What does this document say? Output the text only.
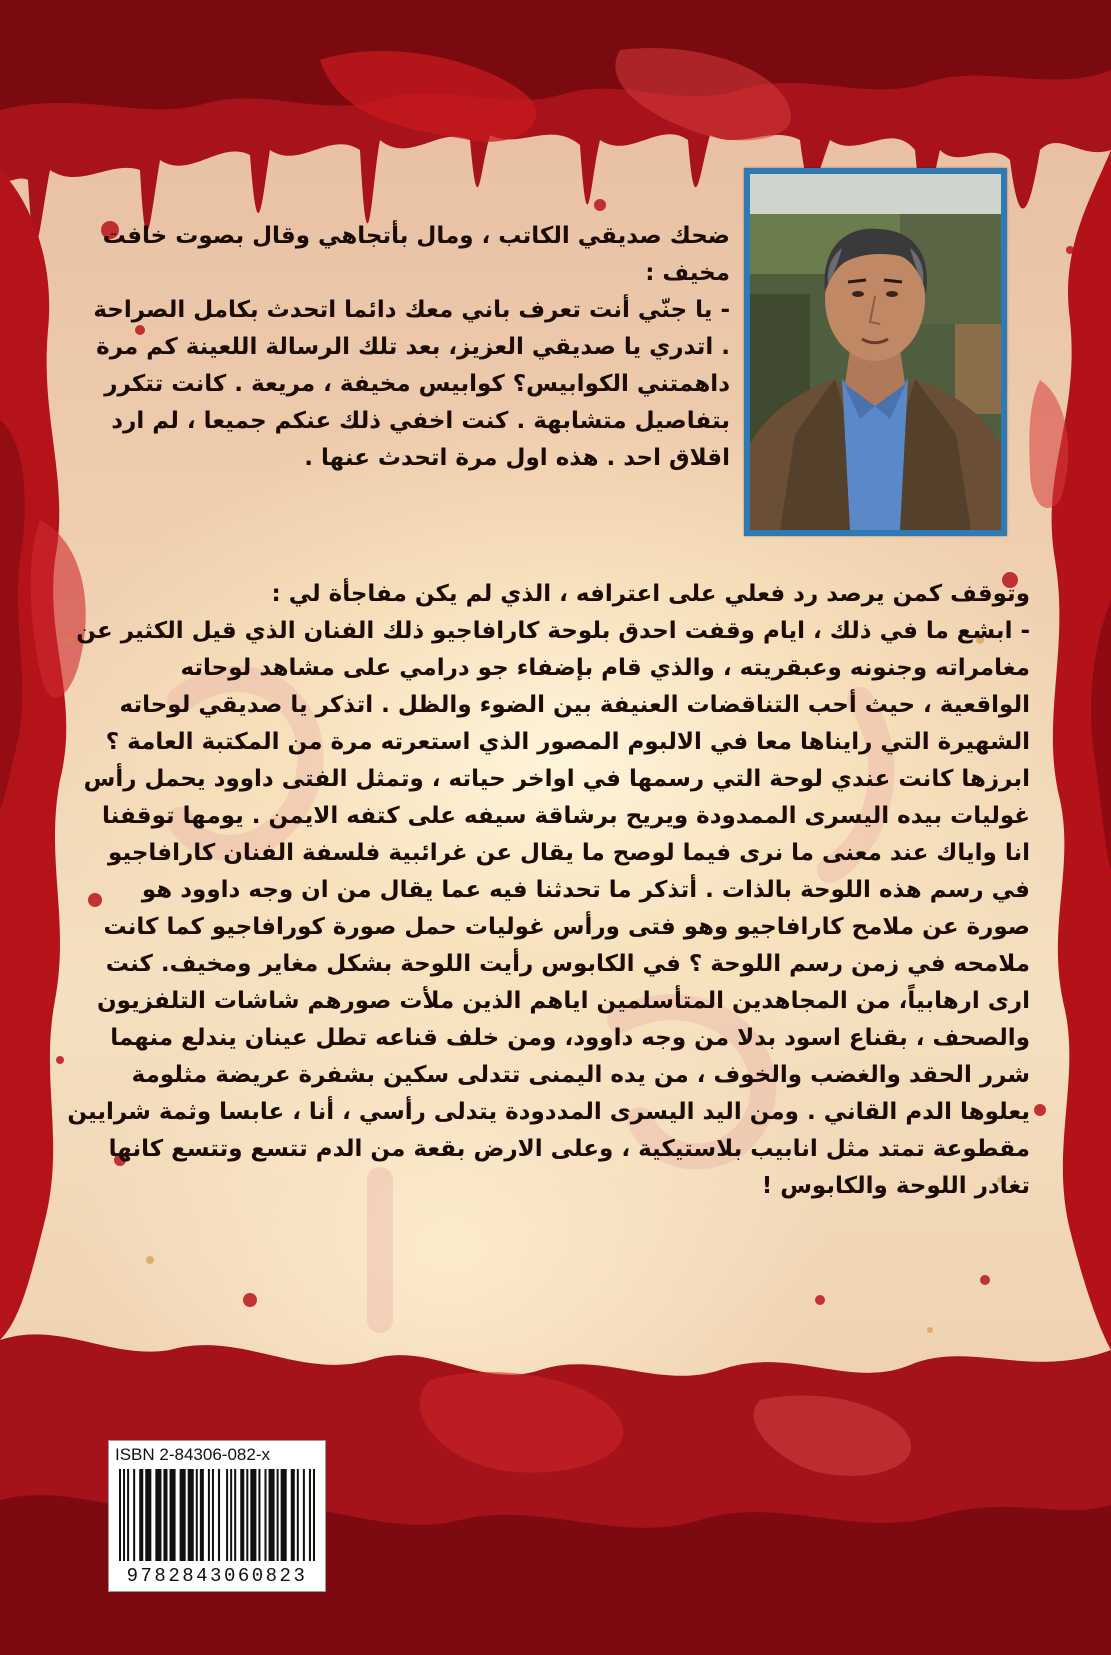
ضحك صديقي الكاتب ، ومال بأتجاهي وقال بصوت خافت
مخيف :
- يا جنّي أنت تعرف باني معك دائما اتحدث بكامل الصراحة
. اتدري يا صديقي العزيز، بعد تلك الرسالة اللعينة كم مرة
داهمتني الكوابيس؟ كوابيس مخيفة ، مريعة . كانت تتكرر
بتفاصيل متشابهة . كنت اخفي ذلك عنكم جميعا ، لم ارد
اقلاق احد . هذه اول مرة اتحدث عنها .
وتوقف كمن يرصد رد فعلي على اعترافه ، الذي لم يكن مفاجأة لي :
- ابشع ما في ذلك ، ايام وقفت احدق بلوحة كارافاجيو ذلك الفنان الذي قيل الكثير عن
مغامراته وجنونه وعبقريته ، والذي قام بإضفاء جو درامي على مشاهد لوحاته
الواقعية ، حيث أحب التناقضات العنيفة بين الضوء والظل . اتذكر يا صديقي لوحاته
الشهيرة التي رايناها معا في الالبوم المصور الذي استعرته مرة من المكتبة العامة ؟
ابرزها كانت عندي لوحة التي رسمها في اواخر حياته ، وتمثل الفتى داوود يحمل رأس
غوليات بيده اليسرى الممدودة ويريح برشاقة سيفه على كتفه الايمن . يومها توقفنا
انا واياك عند معنى ما نرى فيما لوصح ما يقال عن غرائبية فلسفة الفنان كارافاجيو
في رسم هذه اللوحة بالذات . أتذكر ما تحدثنا فيه عما يقال من ان وجه داوود هو
صورة عن ملامح كارافاجيو وهو فتى ورأس غوليات حمل صورة كورافاجيو كما كانت
ملامحه في زمن رسم اللوحة ؟ في الكابوس رأيت اللوحة بشكل مغاير ومخيف. كنت
ارى ارهابياً، من المجاهدين المتأسلمين اياهم الذين ملأت صورهم شاشات التلفزيون
والصحف ، بقناع اسود بدلا من وجه داوود، ومن خلف قناعه تطل عينان يندلع منهما
شرر الحقد والغضب والخوف ، من يده اليمنى تتدلى سكين بشفرة عريضة مثلومة
يعلوها الدم القاني . ومن اليد اليسرى المددودة يتدلى رأسي ، أنا ، عابسا وثمة شرايين
مقطوعة تمتد مثل انابيب بلاستيكية ، وعلى الارض بقعة من الدم تتسع وتتسع كانها
تغادر اللوحة والكابوس !
ISBN 2-84306-082-x
9782843060823
